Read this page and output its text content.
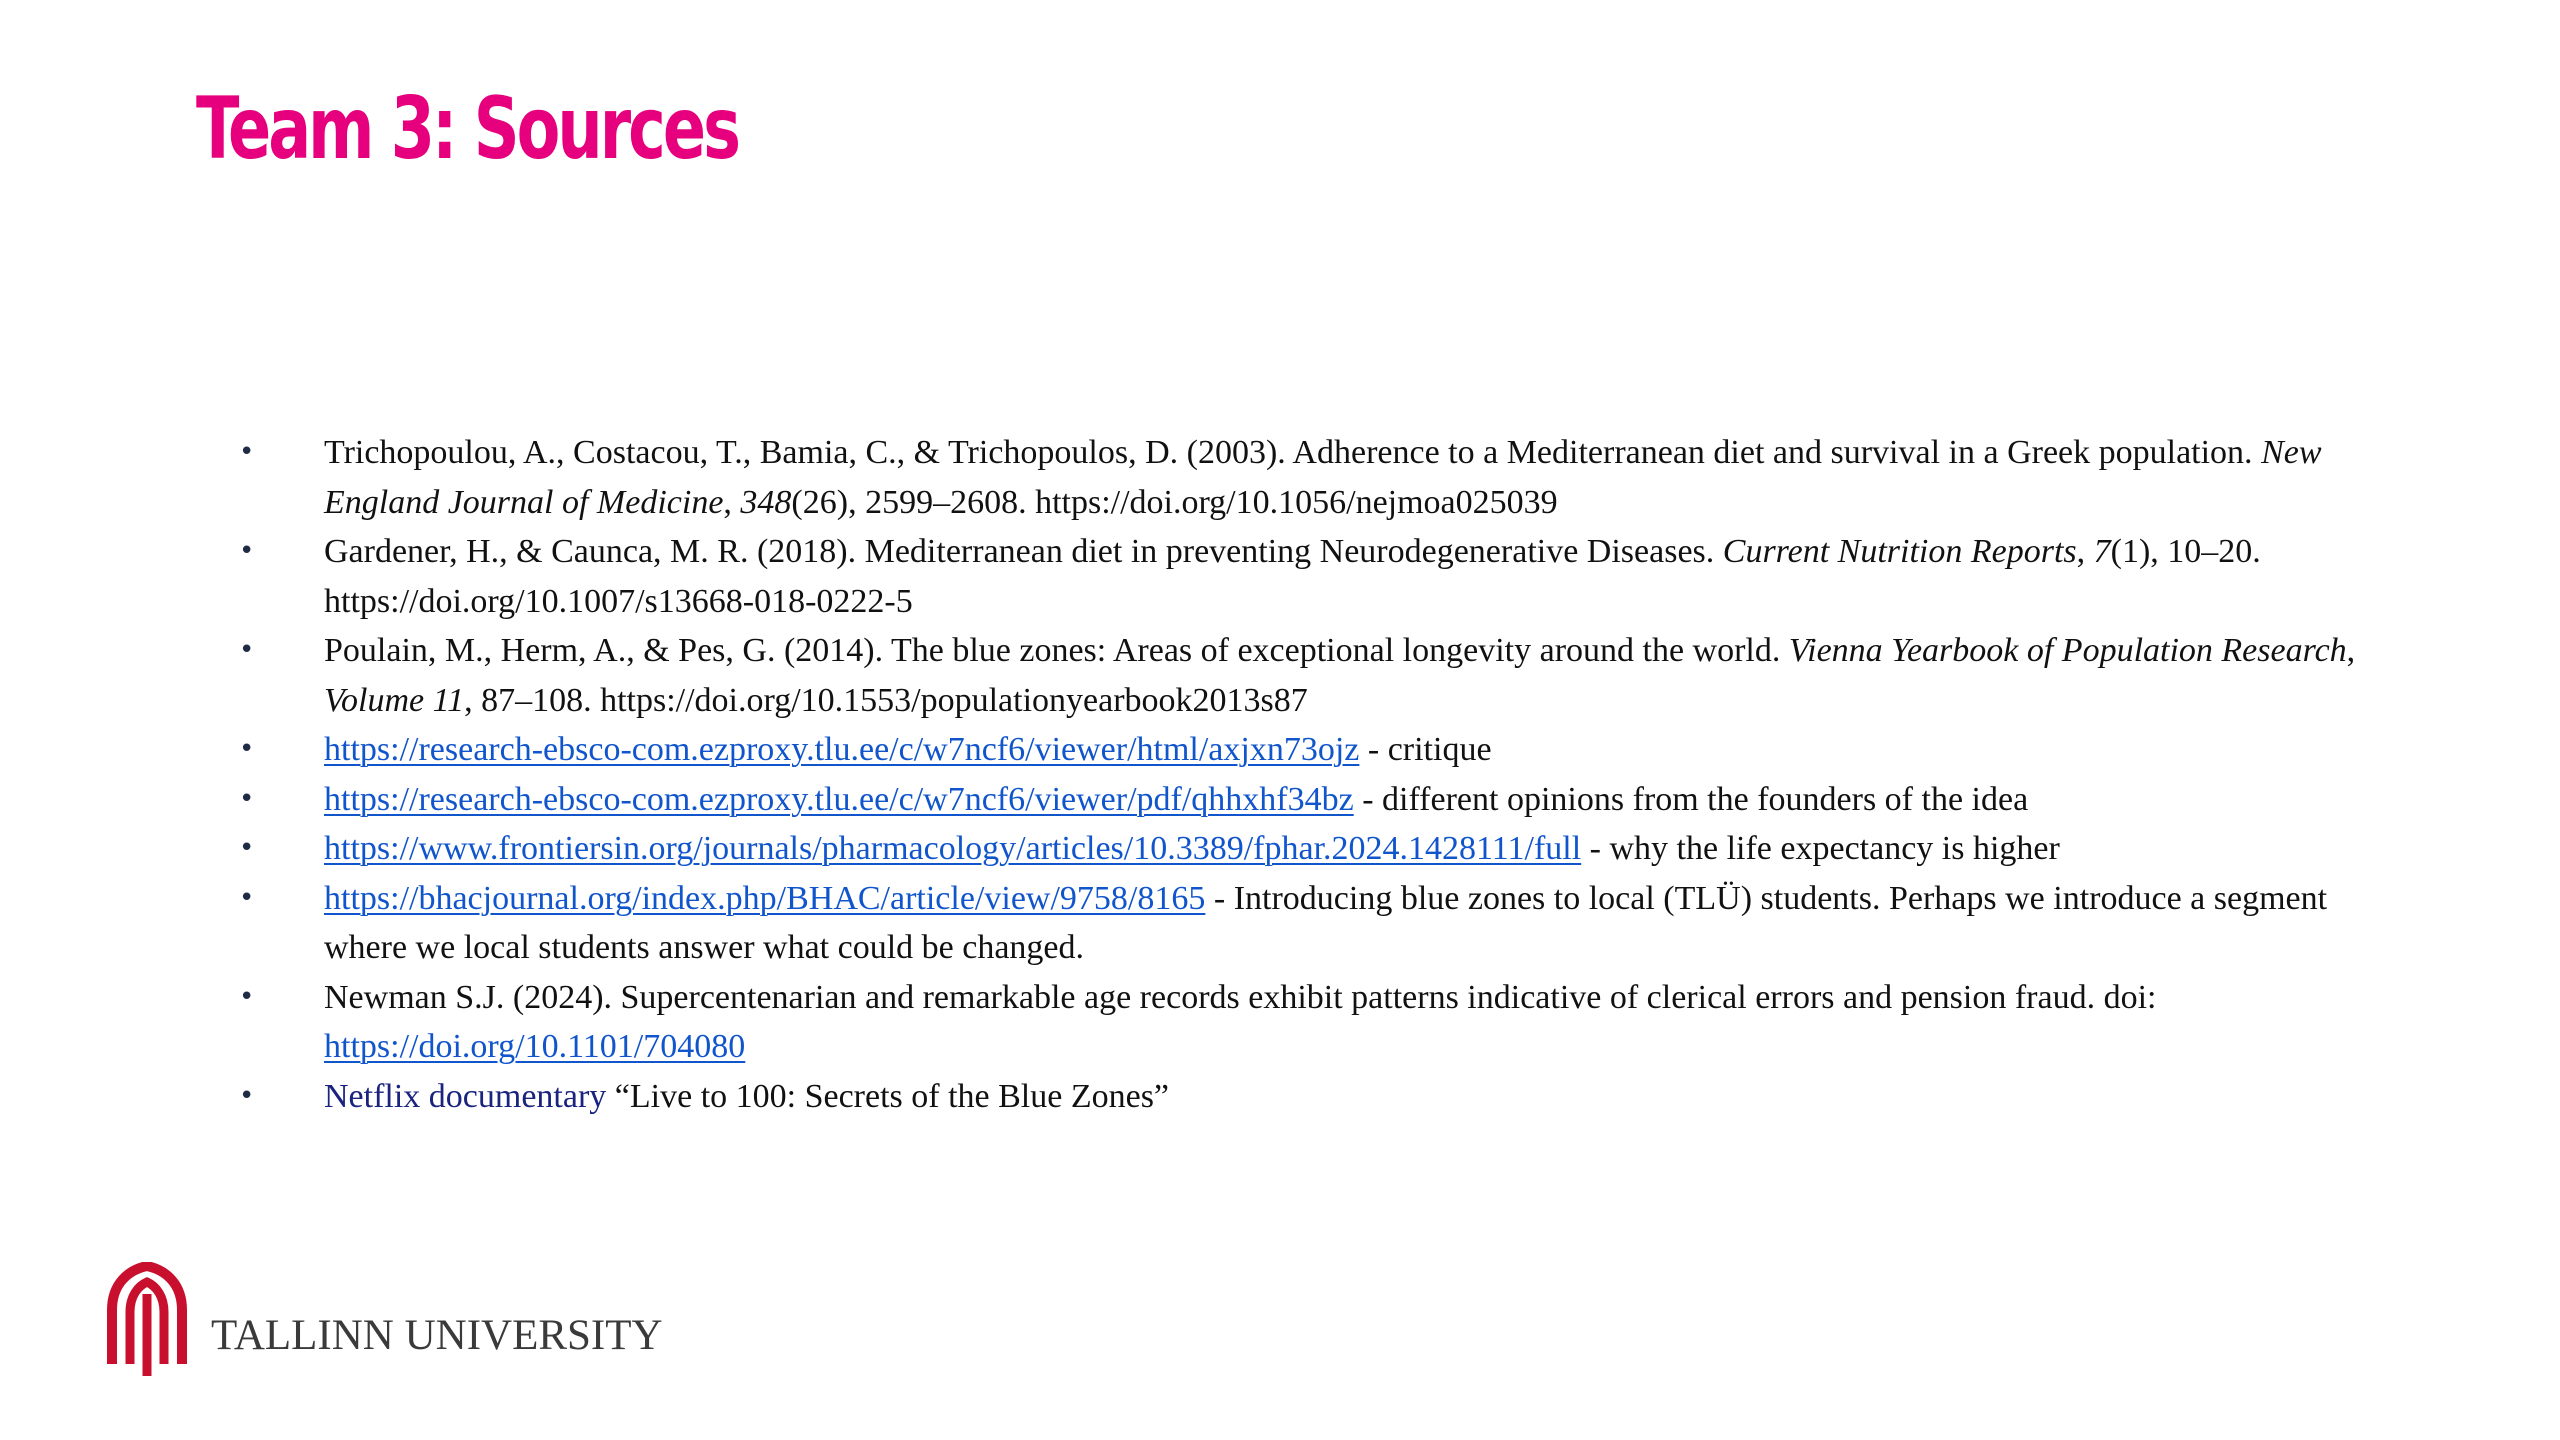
Team 3: Sources
• Trichopoulou, A., Costacou, T., Bamia, C., & Trichopoulos, D. (2003). Adherence to a Mediterranean diet and survival in a Greek population. New England Journal of Medicine, 348(26), 2599–2608. https://doi.org/10.1056/nejmoa025039
• Gardener, H., & Caunca, M. R. (2018). Mediterranean diet in preventing Neurodegenerative Diseases. Current Nutrition Reports, 7(1), 10–20. https://doi.org/10.1007/s13668-018-0222-5
• Poulain, M., Herm, A., & Pes, G. (2014). The blue zones: Areas of exceptional longevity around the world. Vienna Yearbook of Population Research, Volume 11, 87–108. https://doi.org/10.1553/populationyearbook2013s87
• https://research-ebsco-com.ezproxy.tlu.ee/c/w7ncf6/viewer/html/axjxn73ojz - critique
• https://research-ebsco-com.ezproxy.tlu.ee/c/w7ncf6/viewer/pdf/qhhxhf34bz - different opinions from the founders of the idea
• https://www.frontiersin.org/journals/pharmacology/articles/10.3389/fphar.2024.1428111/full - why the life expectancy is higher
• https://bhacjournal.org/index.php/BHAC/article/view/9758/8165 - Introducing blue zones to local (TLÜ) students. Perhaps we introduce a segment where we local students answer what could be changed.
• Newman S.J. (2024). Supercentenarian and remarkable age records exhibit patterns indicative of clerical errors and pension fraud. doi: https://doi.org/10.1101/704080
• Netflix documentary “Live to 100: Secrets of the Blue Zones”
TALLINN UNIVERSITY
